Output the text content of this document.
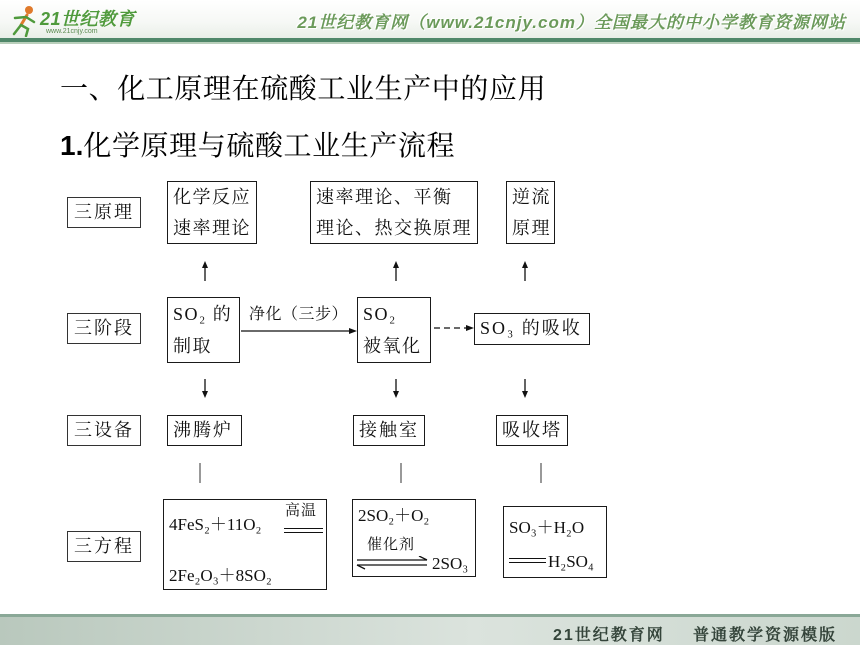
21世纪教育
www.21cnjy.com	21世纪教育网（www.21cnjy.com）全国最大的中小学教育资源网站
一、化工原理在硫酸工业生产中的应用
1.化学原理与硫酸工业生产流程
三原理
三阶段
三设备
三方程
化学反应
速率理论
速率理论、平衡
理论、热交换原理
逆流
原理
SO₂ 的
制取
净化（三步） SO₂
被氧化
SO₃ 的吸收
沸腾炉	接触室	吸收塔
4FeS₂＋11O₂
高温
2Fe₂O₃＋8SO₂
2SO₂＋O₂
催化剂
2SO₃
SO₃＋H₂O
H₂SO₄
21世纪教育网 普通教学资源模版
